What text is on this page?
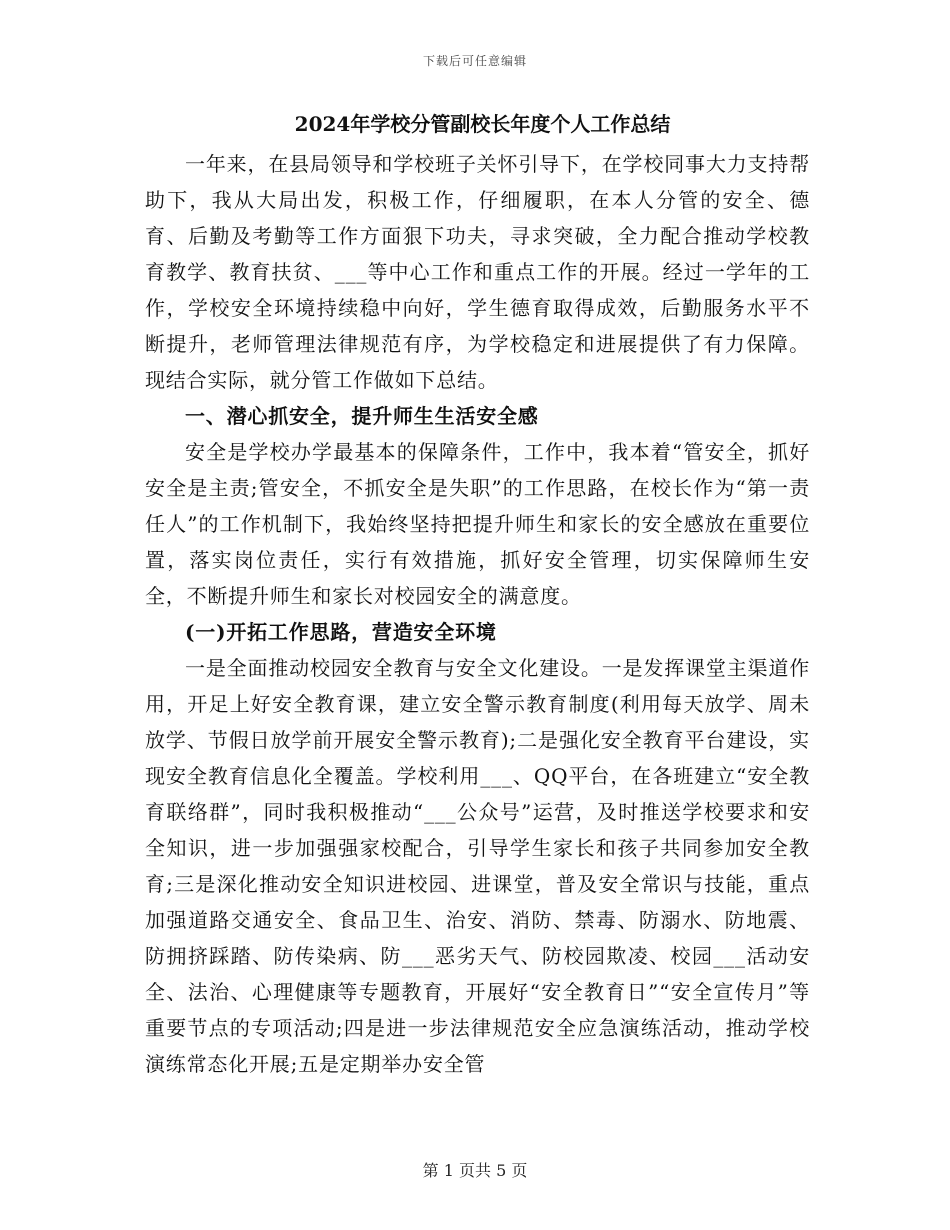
下载后可任意编辑
2024年学校分管副校长年度个人工作总结

一年来，在县局领导和学校班子关怀引导下，在学校同事大力支持帮助下，我从大局出发，积极工作，仔细履职，在本人分管的安全、德育、后勤及考勤等工作方面狠下功夫，寻求突破，全力配合推动学校教育教学、教育扶贫、___等中心工作和重点工作的开展。经过一学年的工作，学校安全环境持续稳中向好，学生德育取得成效，后勤服务水平不断提升，老师管理法律规范有序，为学校稳定和进展提供了有力保障。现结合实际，就分管工作做如下总结。

一、潜心抓安全，提升师生生活安全感

安全是学校办学最基本的保障条件，工作中，我本着“管安全，抓好安全是主责;管安全，不抓安全是失职”的工作思路，在校长作为“第一责任人”的工作机制下，我始终坚持把提升师生和家长的安全感放在重要位置，落实岗位责任，实行有效措施，抓好安全管理，切实保障师生安全，不断提升师生和家长对校园安全的满意度。

(一)开拓工作思路，营造安全环境

一是全面推动校园安全教育与安全文化建设。一是发挥课堂主渠道作用，开足上好安全教育课，建立安全警示教育制度(利用每天放学、周未放学、节假日放学前开展安全警示教育);二是强化安全教育平台建设，实现安全教育信息化全覆盖。学校利用___、QQ平台，在各班建立“安全教育联络群”，同时我积极推动“___公众号”运营，及时推送学校要求和安全知识，进一步加强强家校配合，引导学生家长和孩子共同参加安全教育;三是深化推动安全知识进校园、进课堂，普及安全常识与技能，重点加强道路交通安全、食品卫生、治安、消防、禁毒、防溺水、防地震、防拥挤踩踏、防传染病、防___恶劣天气、防校园欺凌、校园___活动安全、法治、心理健康等专题教育，开展好“安全教育日”“安全宣传月”等重要节点的专项活动;四是进一步法律规范安全应急演练活动，推动学校演练常态化开展;五是定期举办安全管

第 1 页共 5 页
